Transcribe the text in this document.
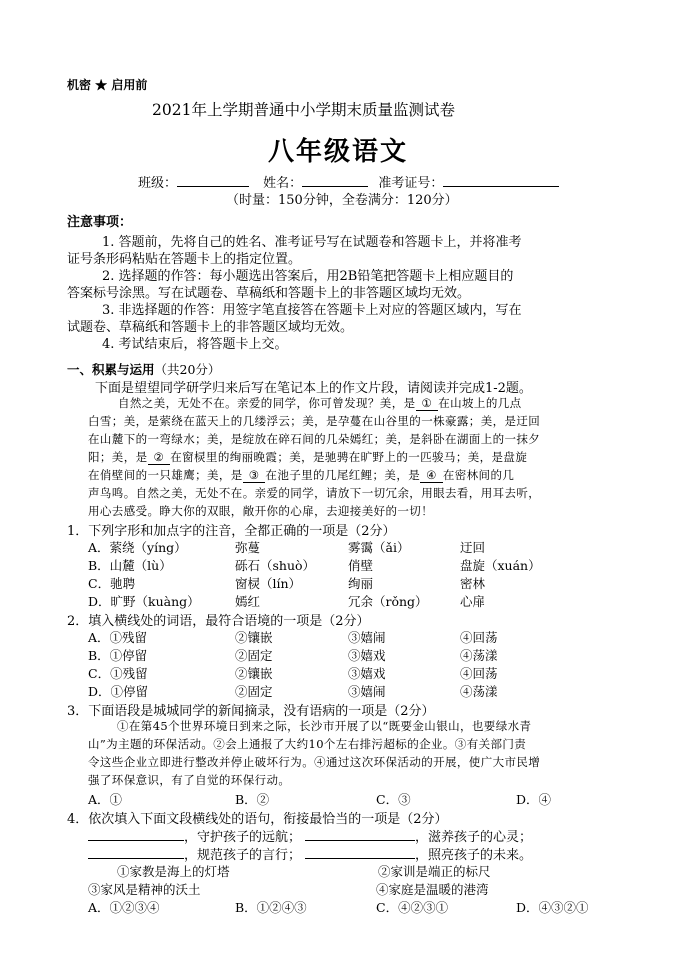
机密 ★ 启用前
2021年上学期普通中小学期末质量监测试卷
八年级语文
班级：	姓名：	准考证号：
（时量：150分钟，全卷满分：120分）
注意事项：
1. 答题前，先将自己的姓名、准考证号写在试题卷和答题卡上，并将准考
证号条形码粘贴在答题卡上的指定位置。
2. 选择题的作答：每小题选出答案后，用2B铅笔把答题卡上相应题目的
答案标号涂黑。写在试题卷、草稿纸和答题卡上的非答题区域均无效。
3. 非选择题的作答：用签字笔直接答在答题卡上对应的答题区域内，写在
试题卷、草稿纸和答题卡上的非答题区域均无效。
4. 考试结束后，将答题卡上交。
一、积累与运用（共20分）
下面是望望同学研学归来后写在笔记本上的作文片段，请阅读并完成1-2题。
自然之美，无处不在。亲爱的同学，你可曾发现？美，是 ① 在山坡上的几点
白雪；美，是萦绕在蓝天上的几缕浮云；美，是孕蔓在山谷里的一株豪露；美，是迂回
在山麓下的一弯绿水；美，是绽放在碎石间的几朵嫣红；美，是斜卧在湖面上的一抹夕
阳；美，是 ② 在窗棂里的绚丽晚霞；美，是驰骋在旷野上的一匹骏马；美，是盘旋
在俏壁间的一只雄鹰；美，是 ③ 在池子里的几尾红鲤；美，是 ④ 在密林间的几
声鸟鸣。自然之美，无处不在。亲爱的同学，请放下一切冗余，用眼去看，用耳去听，
用心去感受。睁大你的双眼，敞开你的心扉，去迎接美好的一切！
1．下列字形和加点字的注音，全都正确的一项是（2分）
A．萦绕（yíng）	弥蔓	雾霭（ǎi）	迂回
B．山麓（lù）	砾石（shuò）	俏壁	盘旋（xuán）
C．驰聘	窗棂（lín）	绚丽	密林
D．旷野（kuàng）	嫣红	冗余（rǒng）	心扉
2．填入横线处的词语，最符合语境的一项是（2分）
A．①残留	②镶嵌	③嬉闹	④回荡
B．①停留	②固定	③嬉戏	④荡漾
C．①残留	②镶嵌	③嬉戏	④回荡
D．①停留	②固定	③嬉闹	④荡漾
3．下面语段是城城同学的新闻摘录，没有语病的一项是（2分）
①在第45个世界环境日到来之际，长沙市开展了以“既要金山银山，也要绿水青
山”为主题的环保活动。②会上通报了大约10个左右排污超标的企业。③有关部门责
令这些企业立即进行整改并停止破坏行为。④通过这次环保活动的开展，使广大市民增
强了环保意识，有了自觉的环保行动。
A．①	B．②	C．③	D．④
4．依次填入下面文段横线处的语句，衔接最恰当的一项是（2分）
，守护孩子的远航；	，滋养孩子的心灵；
，规范孩子的言行；	，照亮孩子的未来。
①家教是海上的灯塔	②家训是端正的标尺
③家风是精神的沃土	④家庭是温暖的港湾
A．①②③④	B．①②④③	C．④②③①	D．④③②①
